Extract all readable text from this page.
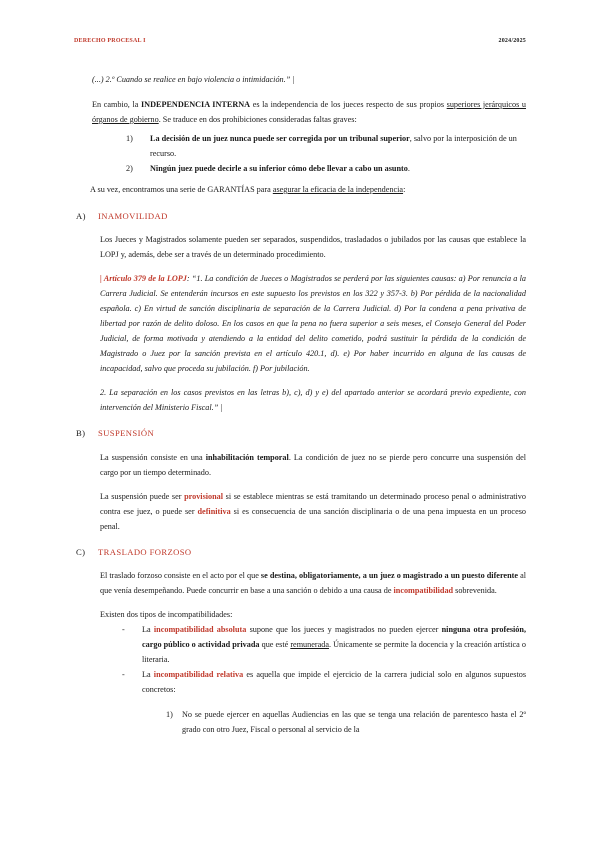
DERECHO PROCESAL I	2024/2025

(...) 2.º Cuando se realice en bajo violencia o intimidación.” |

En cambio, la INDEPENDENCIA INTERNA es la independencia de los jueces respecto de sus propios superiores jerárquicos u órganos de gobierno. Se traduce en dos prohibiciones consideradas faltas graves:

1) La decisión de un juez nunca puede ser corregida por un tribunal superior, salvo por la interposición de un recurso.
2) Ningún juez puede decirle a su inferior cómo debe llevar a cabo un asunto.

A su vez, encontramos una serie de GARANTÍAS para asegurar la eficacia de la independencia:

A) INAMOVILIDAD

Los Jueces y Magistrados solamente pueden ser separados, suspendidos, trasladados o jubilados por las causas que establece la LOPJ y, además, debe ser a través de un determinado procedimiento.

| Artículo 379 de la LOPJ: “1. La condición de Jueces o Magistrados se perderá por las siguientes causas: a) Por renuncia a la Carrera Judicial. Se entenderán incursos en este supuesto los previstos en los 322 y 357-3. b) Por pérdida de la nacionalidad española. c) En virtud de sanción disciplinaria de separación de la Carrera Judicial. d) Por la condena a pena privativa de libertad por razón de delito doloso. En los casos en que la pena no fuera superior a seis meses, el Consejo General del Poder Judicial, de forma motivada y atendiendo a la entidad del delito cometido, podrá sustituir la pérdida de la condición de Magistrado o Juez por la sanción prevista en el artículo 420.1, d). e) Por haber incurrido en alguna de las causas de incapacidad, salvo que proceda su jubilación. f) Por jubilación.

2. La separación en los casos previstos en las letras b), c), d) y e) del apartado anterior se acordará previo expediente, con intervención del Ministerio Fiscal.” |

B) SUSPENSIÓN

La suspensión consiste en una inhabilitación temporal. La condición de juez no se pierde pero concurre una suspensión del cargo por un tiempo determinado.

La suspensión puede ser provisional si se establece mientras se está tramitando un determinado proceso penal o administrativo contra ese juez, o puede ser definitiva si es consecuencia de una sanción disciplinaria o de una pena impuesta en un proceso penal.

C) TRASLADO FORZOSO

El traslado forzoso consiste en el acto por el que se destina, obligatoriamente, a un juez o magistrado a un puesto diferente al que venía desempeñando. Puede concurrir en base a una sanción o debido a una causa de incompatibilidad sobrevenida.

Existen dos tipos de incompatibilidades:

- La incompatibilidad absoluta supone que los jueces y magistrados no pueden ejercer ninguna otra profesión, cargo público o actividad privada que esté remunerada. Únicamente se permite la docencia y la creación artística o literaria.
- La incompatibilidad relativa es aquella que impide el ejercicio de la carrera judicial solo en algunos supuestos concretos:
1) No se puede ejercer en aquellas Audiencias en las que se tenga una relación de parentesco hasta el 2º grado con otro Juez, Fiscal o personal al servicio de la
